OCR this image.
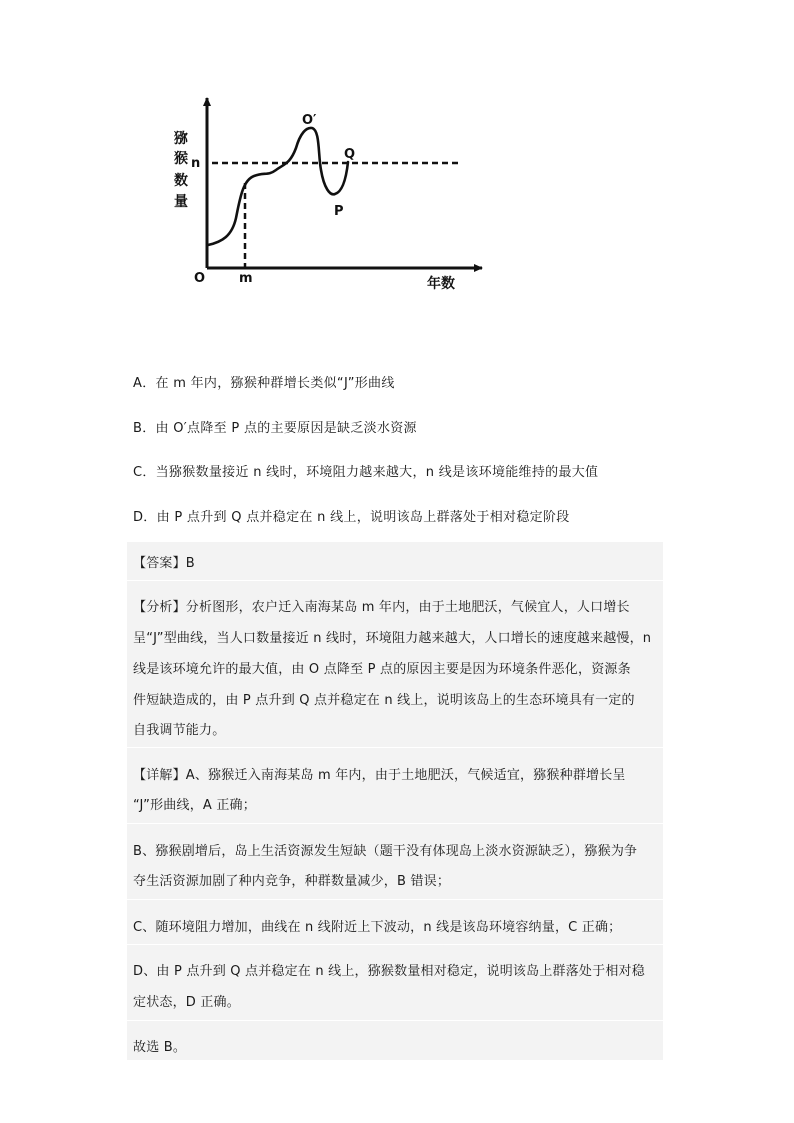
猕
猴
数
量
n
O	m	年数
O′
Q
P
A．在 m 年内，猕猴种群增长类似“J”形曲线
B．由 O′点降至 P 点的主要原因是缺乏淡水资源
C．当猕猴数量接近 n 线时，环境阻力越来越大，n 线是该环境能维持的最大值
D．由 P 点升到 Q 点并稳定在 n 线上，说明该岛上群落处于相对稳定阶段
【答案】B
【分析】分析图形，农户迁入南海某岛 m 年内，由于土地肥沃，气候宜人，人口增长
呈“J”型曲线，当人口数量接近 n 线时，环境阻力越来越大，人口增长的速度越来越慢，n
线是该环境允许的最大值，由 O 点降至 P 点的原因主要是因为环境条件恶化，资源条
件短缺造成的，由 P 点升到 Q 点并稳定在 n 线上，说明该岛上的生态环境具有一定的
自我调节能力。
【详解】A、猕猴迁入南海某岛 m 年内，由于土地肥沃，气候适宜，猕猴种群增长呈
“J”形曲线，A 正确；
B、猕猴剧增后，岛上生活资源发生短缺（题干没有体现岛上淡水资源缺乏），猕猴为争
夺生活资源加剧了种内竞争，种群数量减少，B 错误；
C、随环境阻力增加，曲线在 n 线附近上下波动，n 线是该岛环境容纳量，C 正确；
D、由 P 点升到 Q 点并稳定在 n 线上，猕猴数量相对稳定，说明该岛上群落处于相对稳
定状态，D 正确。
故选 B。
